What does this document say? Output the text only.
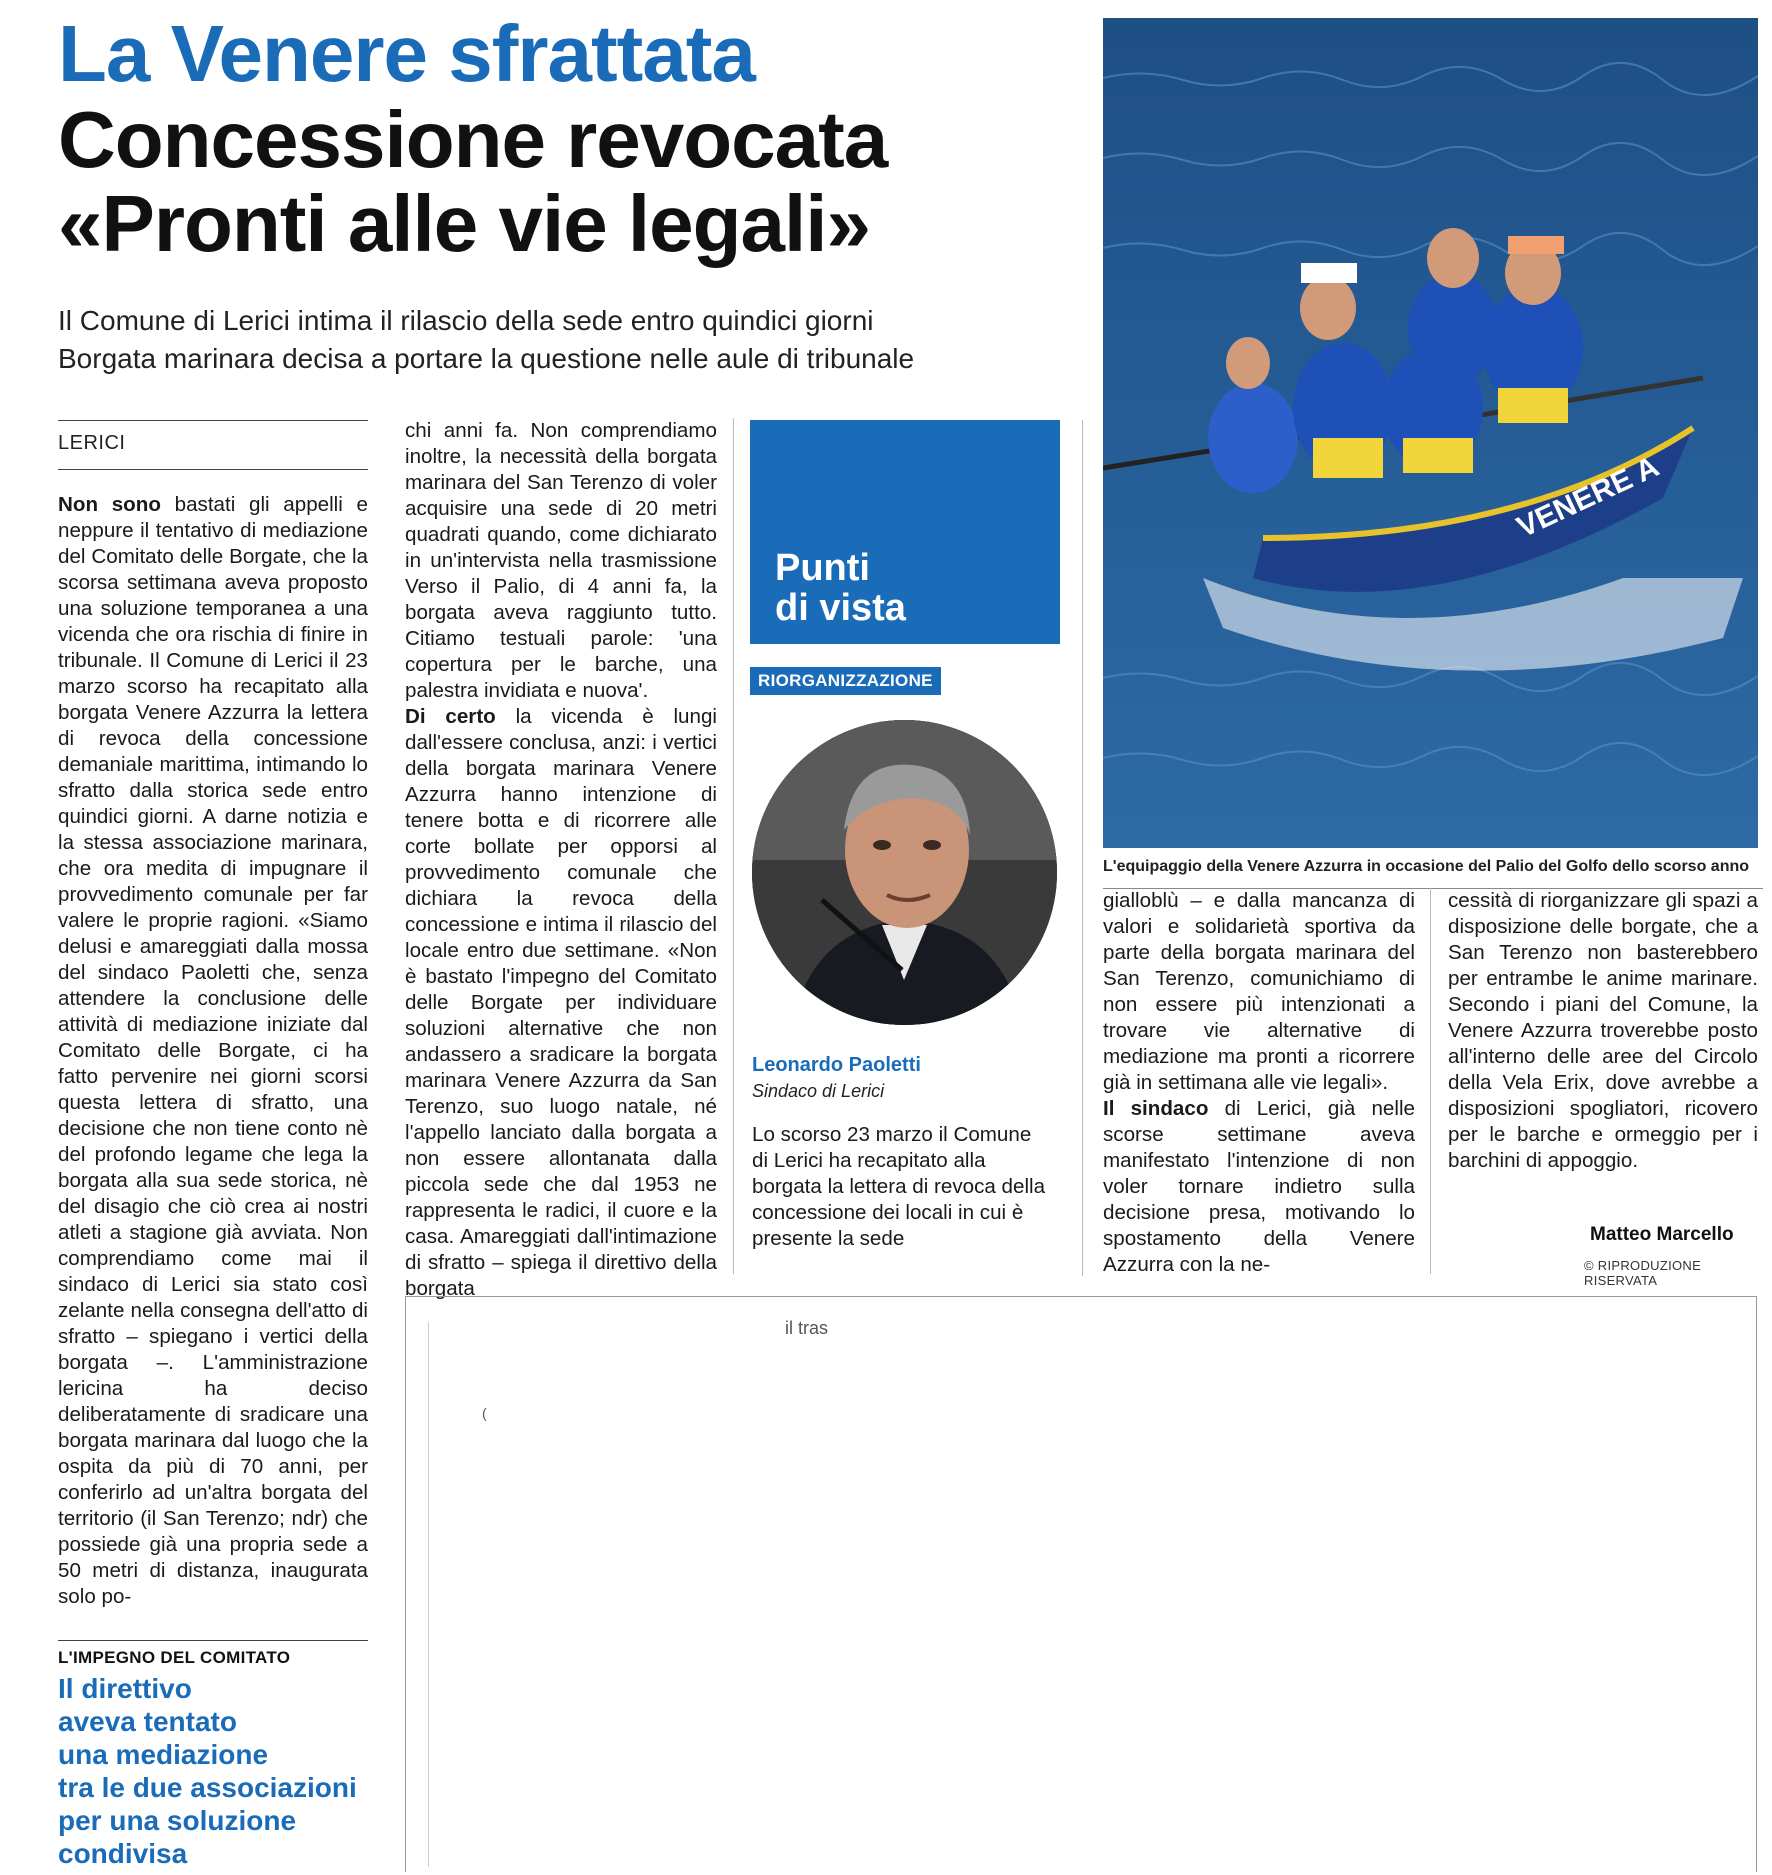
La Venere sfrattata
Concessione revocata
«Pronti alle vie legali»
Il Comune di Lerici intima il rilascio della sede entro quindici giorni
Borgata marinara decisa a portare la questione nelle aule di tribunale
LERICI
Non sono bastati gli appelli e neppure il tentativo di mediazione del Comitato delle Borgate, che la scorsa settimana aveva proposto una soluzione temporanea a una vicenda che ora rischia di finire in tribunale. Il Comune di Lerici il 23 marzo scorso ha recapitato alla borgata Venere Azzurra la lettera di revoca della concessione demaniale marittima, intimando lo sfratto dalla storica sede entro quindici giorni. A darne notizia e la stessa associazione marinara, che ora medita di impugnare il provvedimento comunale per far valere le proprie ragioni. «Siamo delusi e amareggiati dalla mossa del sindaco Paoletti che, senza attendere la conclusione delle attività di mediazione iniziate dal Comitato delle Borgate, ci ha fatto pervenire nei giorni scorsi questa lettera di sfratto, una decisione che non tiene conto nè del profondo legame che lega la borgata alla sua sede storica, nè del disagio che ciò crea ai nostri atleti a stagione già avviata. Non comprendiamo come mai il sindaco di Lerici sia stato così zelante nella consegna dell'atto di sfratto – spiegano i vertici della borgata –. L'amministrazione lericina ha deciso deliberatamente di sradicare una borgata marinara dal luogo che la ospita da più di 70 anni, per conferirlo ad un'altra borgata del territorio (il San Terenzo; ndr) che possiede già una propria sede a 50 metri di distanza, inaugurata solo po-
L'IMPEGNO DEL COMITATO
Il direttivo
aveva tentato
una mediazione
tra le due associazioni
per una soluzione
condivisa
chi anni fa. Non comprendiamo inoltre, la necessità della borgata marinara del San Terenzo di voler acquisire una sede di 20 metri quadrati quando, come dichiarato in un'intervista nella trasmissione Verso il Palio, di 4 anni fa, la borgata aveva raggiunto tutto. Citiamo testuali parole: 'una copertura per le barche, una palestra invidiata e nuova'.
Di certo la vicenda è lungi dall'essere conclusa, anzi: i vertici della borgata marinara Venere Azzurra hanno intenzione di tenere botta e di ricorrere alle corte bollate per opporsi al provvedimento comunale che dichiara la revoca della concessione e intima il rilascio del locale entro due settimane. «Non è bastato l'impegno del Comitato delle Borgate per individuare soluzioni alternative che non andassero a sradicare la borgata marinara Venere Azzurra da San Terenzo, suo luogo natale, né l'appello lanciato dalla borgata a non essere allontanata dalla piccola sede che dal 1953 ne rappresenta le radici, il cuore e la casa. Amareggiati dall'intimazione di sfratto – spiega il direttivo della borgata
Punti
di vista
RIORGANIZZAZIONE
Leonardo Paoletti
Sindaco di Lerici
Lo scorso 23 marzo il Comune di Lerici ha recapitato alla borgata la lettera di revoca della concessione dei locali in cui è presente la sede
VENERE A
L'equipaggio della Venere Azzurra in occasione del Palio del Golfo dello scorso anno
gialloblù – e dalla mancanza di valori e solidarietà sportiva da parte della borgata marinara del San Terenzo, comunichiamo di non essere più intenzionati a trovare vie alternative di mediazione ma pronti a ricorrere già in settimana alle vie legali».
Il sindaco di Lerici, già nelle scorse settimane aveva manifestato l'intenzione di non voler tornare indietro sulla decisione presa, motivando lo spostamento della Venere Azzurra con la ne-
cessità di riorganizzare gli spazi a disposizione delle borgate, che a San Terenzo non basterebbero per entrambe le anime marinare. Secondo i piani del Comune, la Venere Azzurra troverebbe posto all'interno delle aree del Circolo della Vela Erix, dove avrebbe a disposizioni spogliatori, ricovero per le barche e ormeggio per i barchini di appoggio.
Matteo Marcello
© RIPRODUZIONE RISERVATA
il tras
(
